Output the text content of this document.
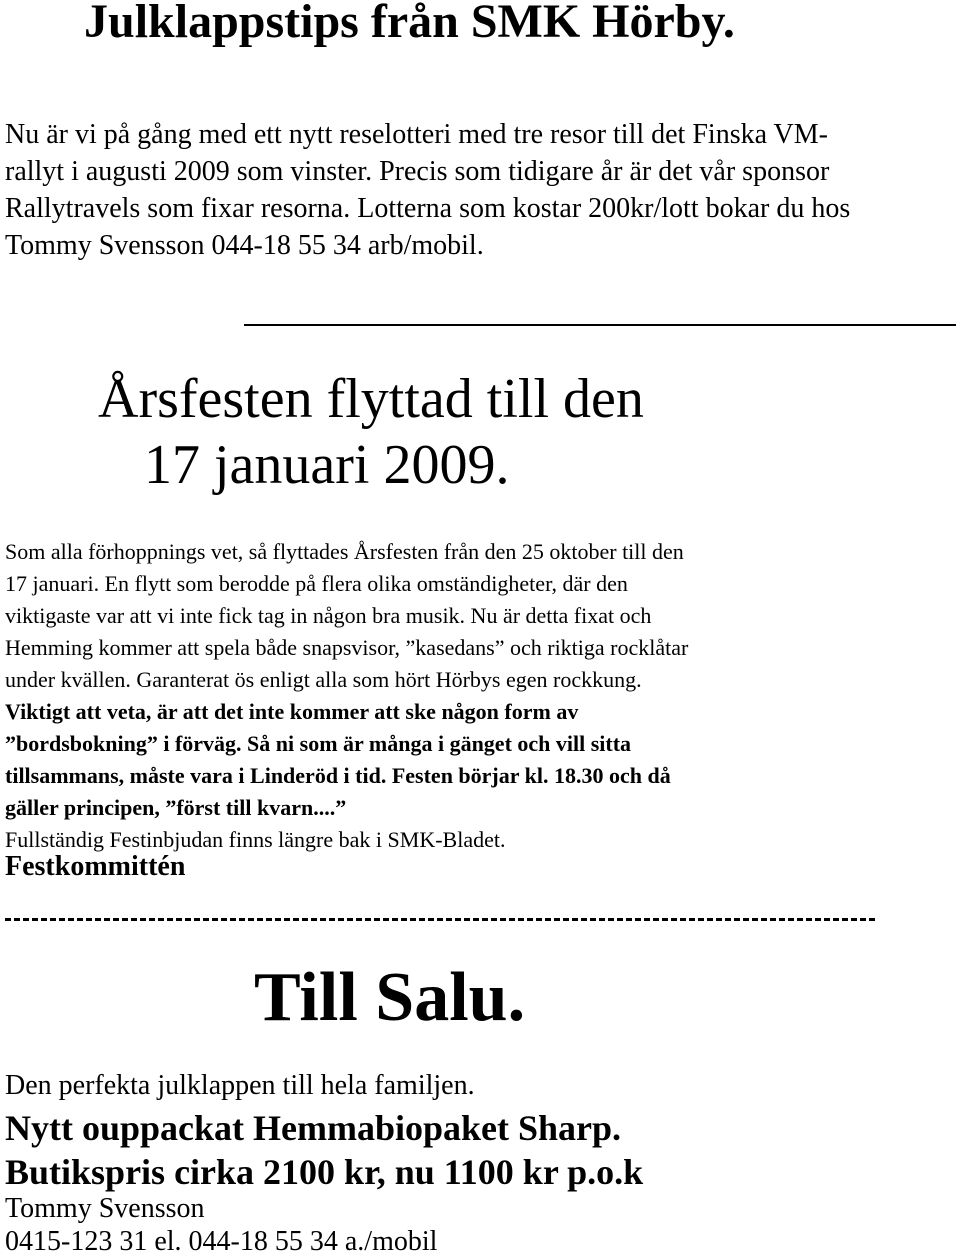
Julklappstips från SMK Hörby.

Nu är vi på gång med ett nytt reselotteri med tre resor till det Finska VM-
rallyt i augusti 2009 som vinster. Precis som tidigare år är det vår sponsor
Rallytravels som fixar resorna. Lotterna som kostar 200kr/lott bokar du hos
Tommy Svensson 044-18 55 34 arb/mobil.

Årsfesten flyttad till den
17 januari 2009.

Som alla förhoppnings vet, så flyttades Årsfesten från den 25 oktober till den
17 januari. En flytt som berodde på flera olika omständigheter, där den
viktigaste var att vi inte fick tag in någon bra musik. Nu är detta fixat och
Hemming kommer att spela både snapsvisor, ”kasedans” och riktiga rocklåtar
under kvällen. Garanterat ös enligt alla som hört Hörbys egen rockkung.
Viktigt att veta, är att det inte kommer att ske någon form av
”bordsbokning” i förväg. Så ni som är många i gänget och vill sitta
tillsammans, måste vara i Linderöd i tid. Festen börjar kl. 18.30 och då
gäller principen, ”först till kvarn....”
Fullständig Festinbjudan finns längre bak i SMK-Bladet.

Festkommittén

Till Salu.

Den perfekta julklappen till hela familjen.

Nytt ouppackat Hemmabiopaket Sharp.

Butikspris cirka 2100 kr, nu 1100 kr p.o.k

Tommy Svensson
0415-123 31 el. 044-18 55 34 a./mobil
